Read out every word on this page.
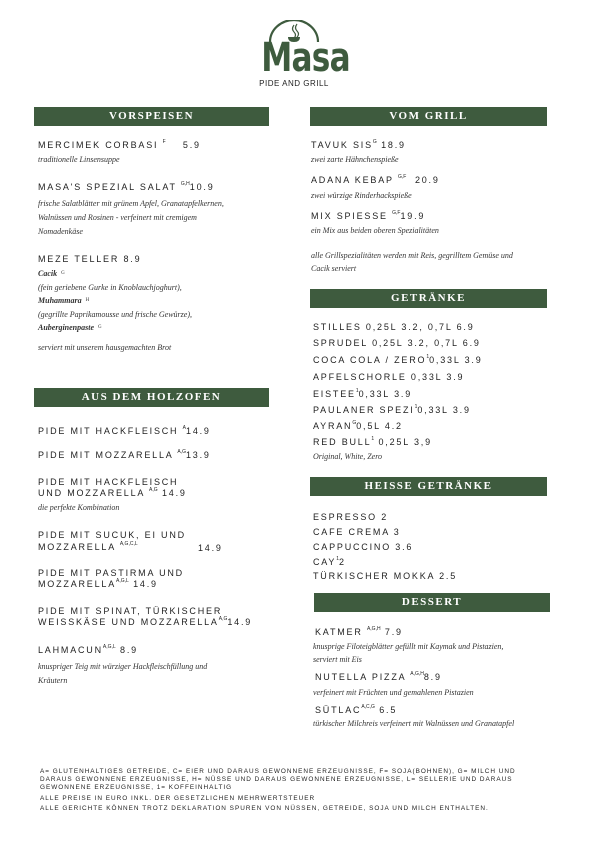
Masa
PIDE AND GRILL
VORSPEISEN
MERCIMEK CORBASI $^F$ 5.9
traditionelle Linsensuppe
MASA'S SPEZIAL SALAT $^{G,H}$10.9
frische Salatblätter mit grünem Apfel, Granatapfelkernen,
Walnüssen und Rosinen - verfeinert mit cremigem
Nomadenkäse
MEZE TELLER 8.9
Cacik $^G$
(fein geriebene Gurke in Knoblauchjoghurt),
Muhammara $^H$
(gegrillte Paprikamousse und frische Gewürze),
Auberginenpaste $^G$
serviert mit unserem hausgemachten Brot
AUS DEM HOLZOFEN
PIDE MIT HACKFLEISCH $^A$14.9
PIDE MIT MOZZARELLA $^{A,G}$13.9
PIDE MIT HACKFLEISCH
UND MOZZARELLA $^{A,G}$ 14.9
die perfekte Kombination
PIDE MIT SUCUK, EI UND
MOZZARELLA $^{A,G,C,L}$	14.9
PIDE MIT PASTIRMA UND
$MOZZARELLA^{A,G,L}$ 14.9
PIDE MIT SPINAT, TÜRKISCHER
WEISSKÄSE UND $MOZZARELLA^{A,G}14.9$
$LAHMACUN^{A,G,L}$ 8.9
knuspriger Teig mit würziger Hackfleischfüllung und
Kräutern
VOM GRILL
TAVUK $SIS^G$ 18.9
zwei zarte Hähnchenspieße
ADANA KEBAP $^{G,F}$ 20.9
zwei würzige Rinderhackspieße
MIX SPIESSE $^{G,F}$19.9
ein Mix aus beiden oberen Spezialitäten
alle Grillspezialitäten werden mit Reis, gegrilltem Gemüse und
Cacik serviert
GETRÄNKE
STILLES 0,25L 3.2, 0,7L 6.9
SPRUDEL 0,25L 3.2, 0,7L 6.9
COCA COLA / ZERO$^1$0,33L 3.9
APFELSCHORLE 0,33L 3.9
EISTEE$^1$0,33L 3.9
PAULANER SPEZI$^1$0,33L 3.9
$AYRAN^G0,5L$ 4.2
RED BULL$^1$ 0,25L 3,9
Original, White, Zero
HEISSE GETRÄNKE
ESPRESSO 2
CAFE CREMA 3
CAPPUCCINO 3.6
CAY$^1$2
TÜRKISCHER MOKKA 2.5
DESSERT
KATMER $^{A,G,H}$ 7.9
knusprige Filoteigblätter gefüllt mit Kaymak und Pistazien,
serviert mit Eis
NUTELLA PIZZA $^{A,G,H}$8.9
verfeinert mit Früchten und gemahlenen Pistazien
$SÜTLAC^{A,C,G}$ 6.5
türkischer Milchreis verfeinert mit Walnüssen und Granatapfel
A= GLUTENHALTIGES GETREIDE, C= EIER UND DARAUS GEWONNENE ERZEUGNISSE, F= SOJA(BOHNEN), G= MILCH UND
DARAUS GEWONNENE ERZEUGNISSE, H= NÜSSE UND DARAUS GEWONNENE ERZEUGNISSE, L= SELLERIE UND DARAUS
GEWONNENE ERZEUGNISSE, 1= KOFFEINHALTIG
ALLE PREISE IN EURO INKL. DER GESETZLICHEN MEHRWERTSTEUER
ALLE GERICHTE KÖNNEN TROTZ DEKLARATION SPUREN VON NÜSSEN, GETREIDE, SOJA UND MILCH ENTHALTEN.
